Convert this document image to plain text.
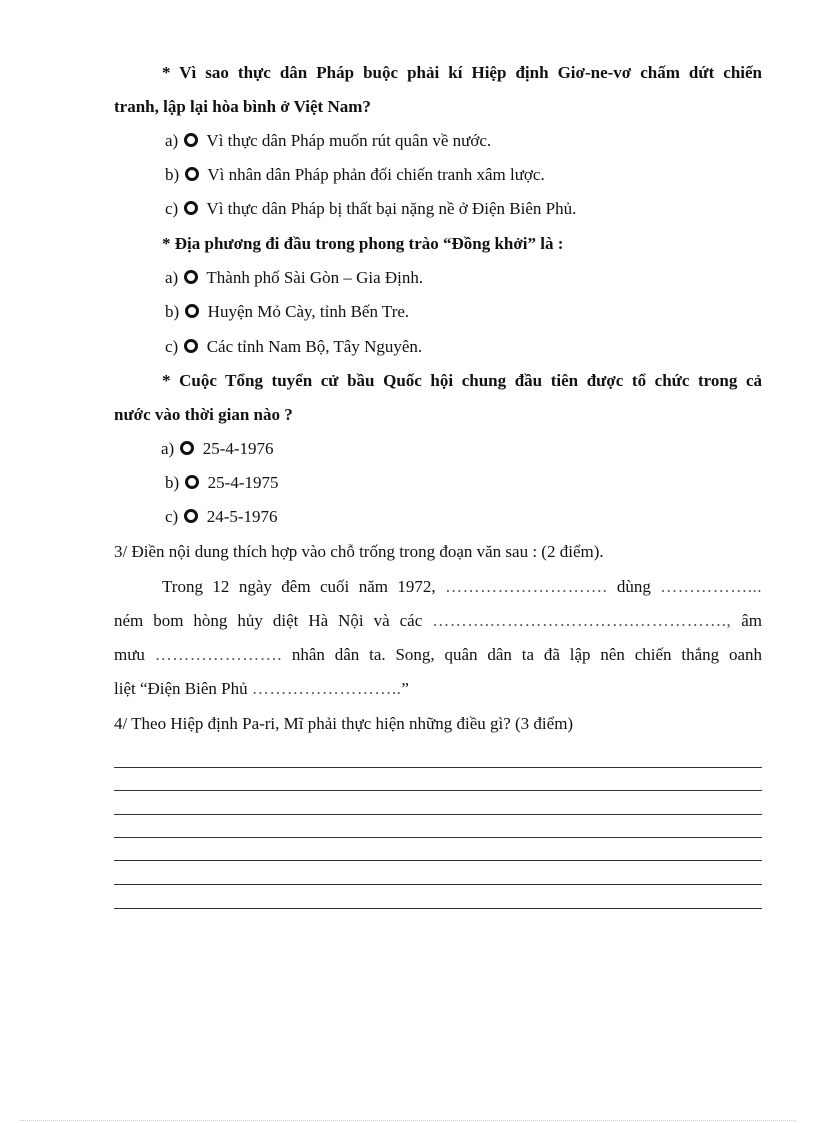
* Vì sao thực dân Pháp buộc phải kí Hiệp định Giơ-ne-vơ chấm dứt chiến
tranh, lập lại hòa bình ở Việt Nam?
a) Vì thực dân Pháp muốn rút quân về nước.
b) Vì nhân dân Pháp phản đối chiến tranh xâm lược.
c) Vì thực dân Pháp bị thất bại nặng nề ở Điện Biên Phủ.
* Địa phương đi đầu trong phong trào “Đồng khởi” là :
a) Thành phố Sài Gòn – Gia Định.
b) Huyện Mỏ Cày, tỉnh Bến Tre.
c) Các tỉnh Nam Bộ, Tây Nguyên.
* Cuộc Tổng tuyển cử bầu Quốc hội chung đầu tiên được tổ chức trong cả
nước vào thời gian nào ?
a) 25-4-1976
b) 25-4-1975
c) 24-5-1976
3/ Điền nội dung thích hợp vào chỗ trống trong đoạn văn sau : (2 điểm).
Trong 12 ngày đêm cuối năm 1972, ………………………. dùng ……………...
ném bom hòng hủy diệt Hà Nội và các ……….…………………….……………., âm
mưu …………………. nhân dân ta. Song, quân dân ta đã lập nên chiến thắng oanh
liệt “Điện Biên Phủ ……………………..”
4/ Theo Hiệp định Pa-ri, Mĩ phải thực hiện những điều gì? (3 điểm)
